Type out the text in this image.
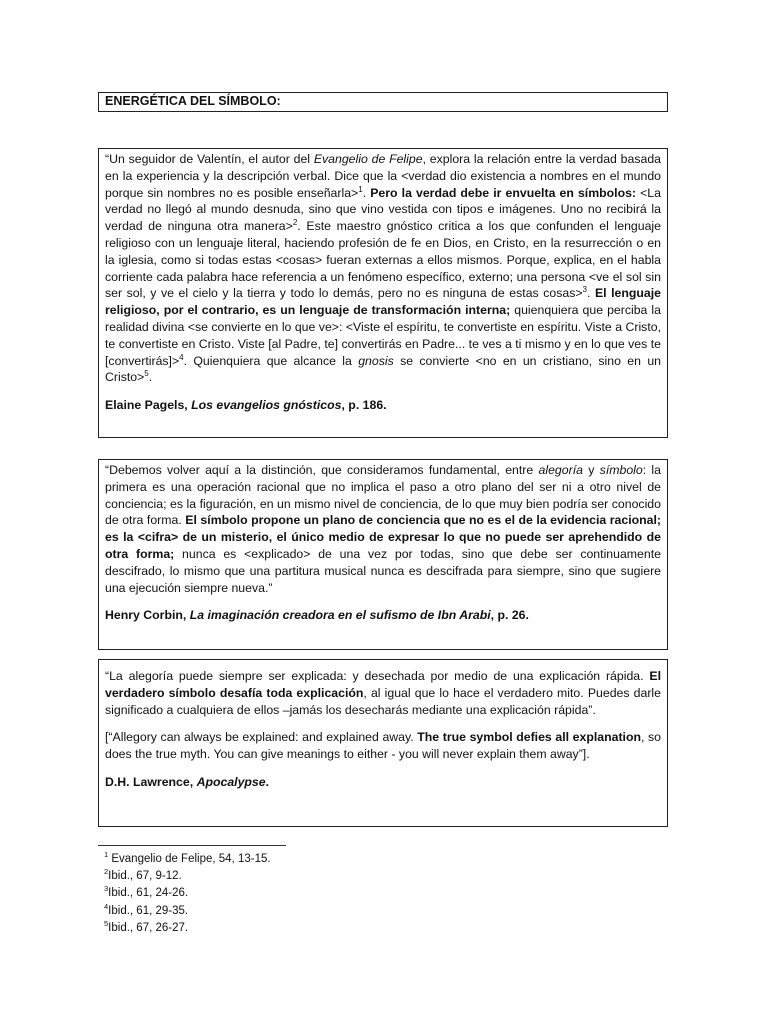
ENERGÉTICA DEL SÍMBOLO:

“Un seguidor de Valentín, el autor del Evangelio de Felipe, explora la relación entre la verdad basada en la experiencia y la descripción verbal. Dice que la <verdad dio existencia a nombres en el mundo porque sin nombres no es posible enseñarla>$^1$. Pero la verdad debe ir envuelta en símbolos: <La verdad no llegó al mundo desnuda, sino que vino vestida con tipos e imágenes. Uno no recibirá la verdad de ninguna otra manera>$^2$. Este maestro gnóstico critica a los que confunden el lenguaje religioso con un lenguaje literal, haciendo profesión de fe en Dios, en Cristo, en la resurrección o en la iglesia, como si todas estas <cosas> fueran externas a ellos mismos. Porque, explica, en el habla corriente cada palabra hace referencia a un fenómeno específico, externo; una persona <ve el sol sin ser sol, y ve el cielo y la tierra y todo lo demás, pero no es ninguna de estas cosas>$^3$. El lenguaje religioso, por el contrario, es un lenguaje de transformación interna; quienquiera que perciba la realidad divina <se convierte en lo que ve>: <Viste el espíritu, te convertiste en espíritu. Viste a Cristo, te convertiste en Cristo. Viste [al Padre, te] convertirás en Padre... te ves a ti mismo y en lo que ves te [convertirás]>$^4$. Quienquiera que alcance la gnosis se convierte <no en un cristiano, sino en un Cristo>$^5$.

Elaine Pagels, Los evangelios gnósticos, p. 186.

“Debemos volver aquí a la distinción, que consideramos fundamental, entre alegoría y símbolo: la primera es una operación racional que no implica el paso a otro plano del ser ni a otro nivel de conciencia; es la figuración, en un mismo nivel de conciencia, de lo que muy bien podría ser conocido de otra forma. El símbolo propone un plano de conciencia que no es el de la evidencia racional; es la <cifra> de un misterio, el único medio de expresar lo que no puede ser aprehendido de otra forma; nunca es <explicado> de una vez por todas, sino que debe ser continuamente descifrado, lo mismo que una partitura musical nunca es descifrada para siempre, sino que sugiere una ejecución siempre nueva.”

Henry Corbin, La imaginación creadora en el sufismo de Ibn Arabi, p. 26.

“La alegoría puede siempre ser explicada: y desechada por medio de una explicación rápida. El verdadero símbolo desafía toda explicación, al igual que lo hace el verdadero mito. Puedes darle significado a cualquiera de ellos –jamás los desecharás mediante una explicación rápida”.

[“Allegory can always be explained: and explained away. The true symbol defies all explanation, so does the true myth. You can give meanings to either - you will never explain them away”].

D.H. Lawrence, Apocalypse.

$^1$ Evangelio de Felipe, 54, 13-15.
$^2$Ibid., 67, 9-12.
$^3$Ibid., 61, 24-26.
$^4$Ibid., 61, 29-35.
$^5$Ibid., 67, 26-27.
